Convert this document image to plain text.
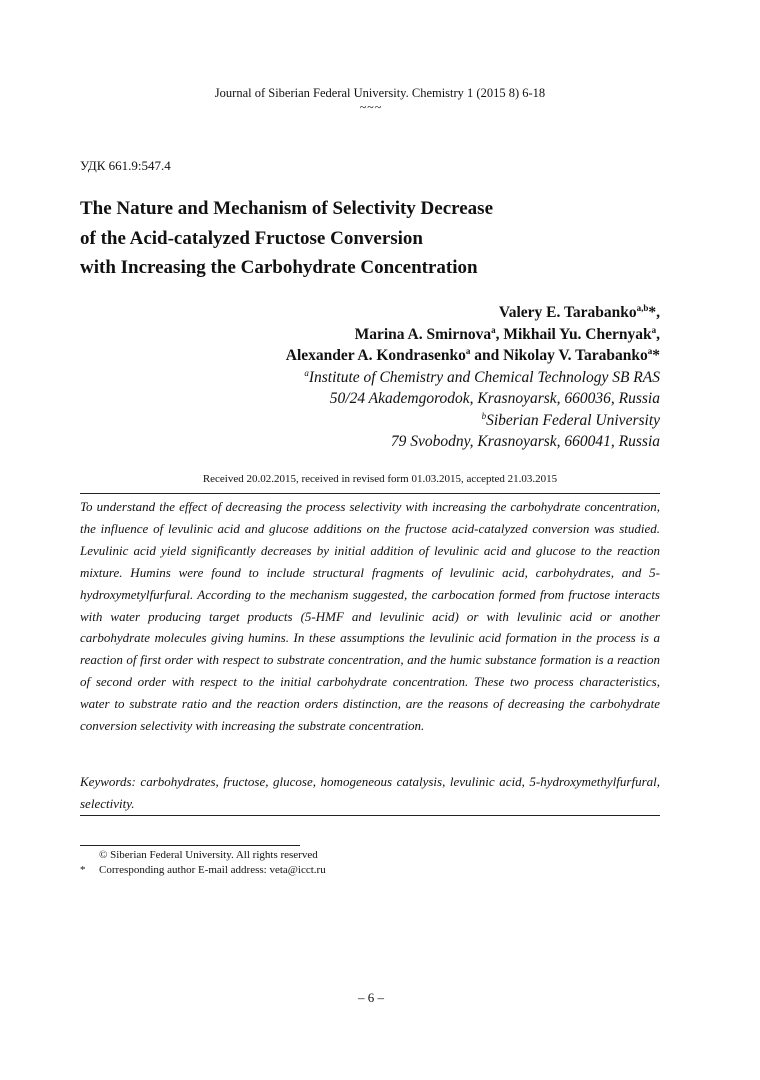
Journal of Siberian Federal University. Chemistry 1 (2015 8) 6-18
~~~
УДК 661.9:547.4
The Nature and Mechanism of Selectivity Decrease
of the Acid-catalyzed Fructose Conversion
with Increasing the Carbohydrate Concentration
Valery E. Tarabanko$^{a,b}$*,
Marina A. Smirnova$^a$, Mikhail Yu. Chernyak$^a$,
Alexander A. Kondrasenko$^a$ and Nikolay V. Tarabanko$^a$*
$^a$Institute of Chemistry and Chemical Technology SB RAS
50/24 Akademgorodok, Krasnoyarsk, 660036, Russia
$^b$Siberian Federal University
79 Svobodny, Krasnoyarsk, 660041, Russia
Received 20.02.2015, received in revised form 01.03.2015, accepted 21.03.2015
To understand the effect of decreasing the process selectivity with increasing the carbohydrate concentration, the influence of levulinic acid and glucose additions on the fructose acid-catalyzed conversion was studied. Levulinic acid yield significantly decreases by initial addition of levulinic acid and glucose to the reaction mixture. Humins were found to include structural fragments of levulinic acid, carbohydrates, and 5-hydroxymetylfurfural. According to the mechanism suggested, the carbocation formed from fructose interacts with water producing target products (5-HMF and levulinic acid) or with levulinic acid or another carbohydrate molecules giving humins. In these assumptions the levulinic acid formation in the process is a reaction of first order with respect to substrate concentration, and the humic substance formation is a reaction of second order with respect to the initial carbohydrate concentration. These two process characteristics, water to substrate ratio and the reaction orders distinction, are the reasons of decreasing the carbohydrate conversion selectivity with increasing the substrate concentration.
Keywords: carbohydrates, fructose, glucose, homogeneous catalysis, levulinic acid, 5-hydroxymethylfurfural, selectivity.
© Siberian Federal University. All rights reserved
*	Corresponding author E-mail address: veta@icct.ru
– 6 –
